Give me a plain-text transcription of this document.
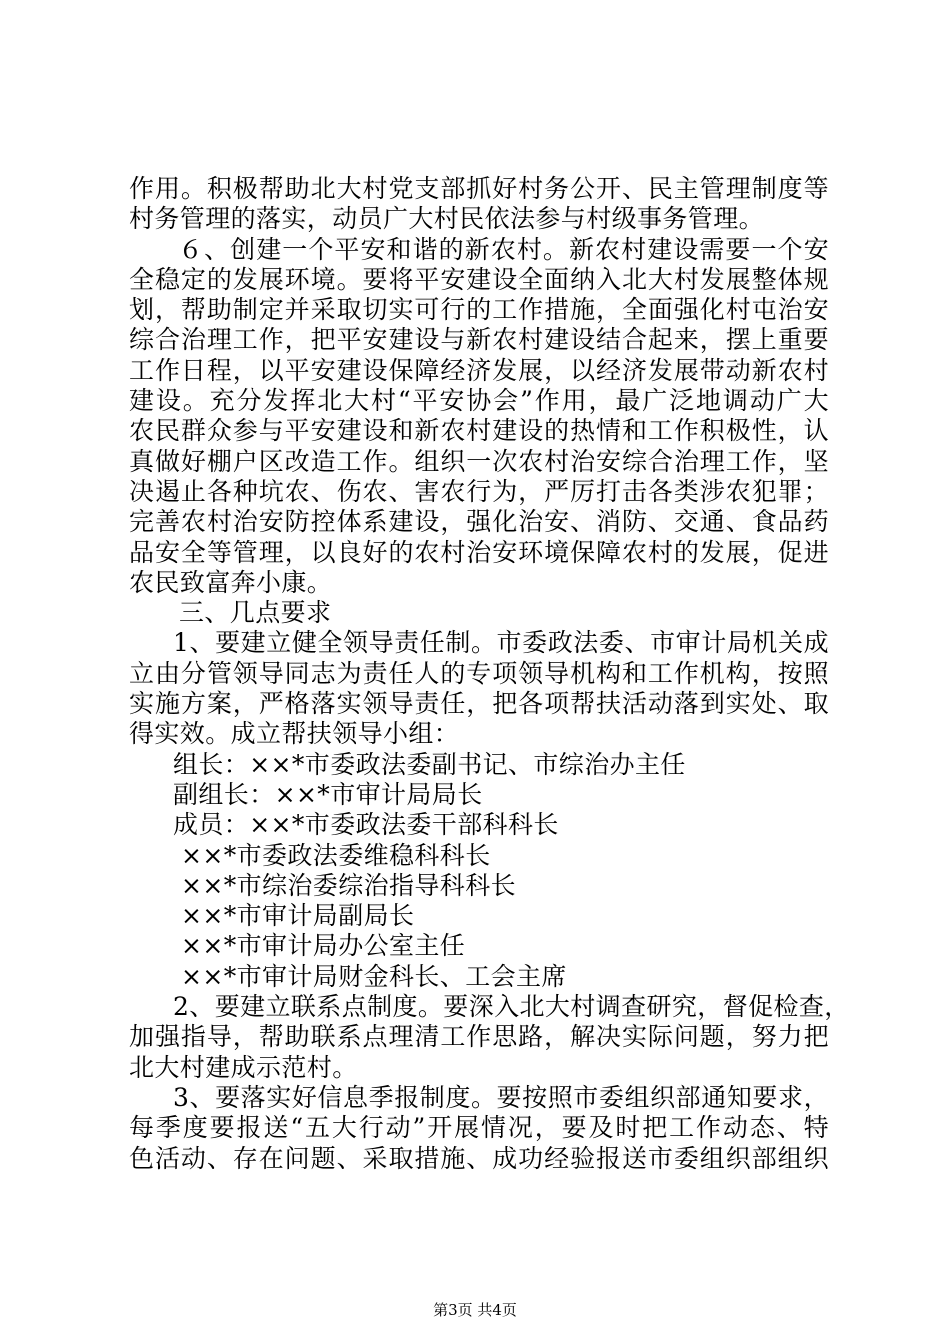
作用。积极帮助北大村党支部抓好村务公开、民主管理制度等
村务管理的落实，动员广大村民依法参与村级事务管理。
６、创建一个平安和谐的新农村。新农村建设需要一个安
全稳定的发展环境。要将平安建设全面纳入北大村发展整体规
划，帮助制定并采取切实可行的工作措施，全面强化村屯治安
综合治理工作，把平安建设与新农村建设结合起来，摆上重要
工作日程，以平安建设保障经济发展，以经济发展带动新农村
建设。充分发挥北大村“平安协会”作用，最广泛地调动广大
农民群众参与平安建设和新农村建设的热情和工作积极性，认
真做好棚户区改造工作。组织一次农村治安综合治理工作，坚
决遏止各种坑农、伤农、害农行为，严厉打击各类涉农犯罪；
完善农村治安防控体系建设，强化治安、消防、交通、食品药
品安全等管理，以良好的农村治安环境保障农村的发展，促进
农民致富奔小康。
三、几点要求
1、要建立健全领导责任制。市委政法委、市审计局机关成
立由分管领导同志为责任人的专项领导机构和工作机构，按照
实施方案，严格落实领导责任，把各项帮扶活动落到实处、取
得实效。成立帮扶领导小组：
组长：××*市委政法委副书记、市综治办主任
副组长：××*市审计局局长
成员：××*市委政法委干部科科长
××*市委政法委维稳科科长
××*市综治委综治指导科科长
××*市审计局副局长
××*市审计局办公室主任
××*市审计局财金科长、工会主席
2、要建立联系点制度。要深入北大村调查研究，督促检查，
加强指导，帮助联系点理清工作思路，解决实际问题，努力把
北大村建成示范村。
3、要落实好信息季报制度。要按照市委组织部通知要求，
每季度要报送“五大行动”开展情况，要及时把工作动态、特
色活动、存在问题、采取措施、成功经验报送市委组织部组织
第3页 共4页
